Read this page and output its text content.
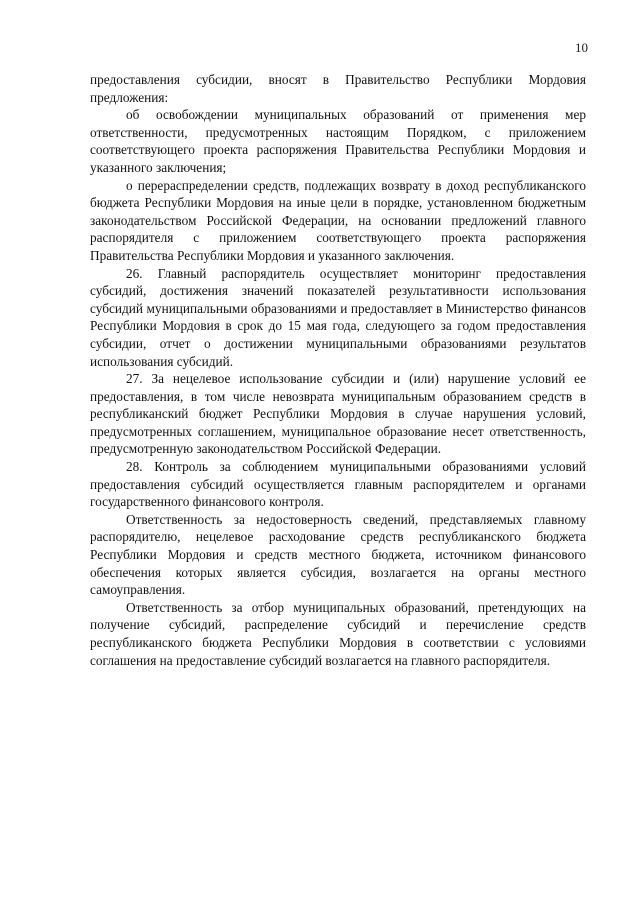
10

предоставления субсидии, вносят в Правительство Республики Мордовия предложения:

об освобождении муниципальных образований от применения мер ответственности, предусмотренных настоящим Порядком, с приложением соответствующего проекта распоряжения Правительства Республики Мордовия и указанного заключения;

о перераспределении средств, подлежащих возврату в доход республиканского бюджета Республики Мордовия на иные цели в порядке, установленном бюджетным законодательством Российской Федерации, на основании предложений главного распорядителя с приложением соответствующего проекта распоряжения Правительства Республики Мордовия и указанного заключения.

26. Главный распорядитель осуществляет мониторинг предоставления субсидий, достижения значений показателей результативности использования субсидий муниципальными образованиями и предоставляет в Министерство финансов Республики Мордовия в срок до 15 мая года, следующего за годом предоставления субсидии, отчет о достижении муниципальными образованиями результатов использования субсидий.

27. За нецелевое использование субсидии и (или) нарушение условий ее предоставления, в том числе невозврата муниципальным образованием средств в республиканский бюджет Республики Мордовия в случае нарушения условий, предусмотренных соглашением, муниципальное образование несет ответственность, предусмотренную законодательством Российской Федерации.

28. Контроль за соблюдением муниципальными образованиями условий предоставления субсидий осуществляется главным распорядителем и органами государственного финансового контроля.

Ответственность за недостоверность сведений, представляемых главному распорядителю, нецелевое расходование средств республиканского бюджета Республики Мордовия и средств местного бюджета, источником финансового обеспечения которых является субсидия, возлагается на органы местного самоуправления.

Ответственность за отбор муниципальных образований, претендующих на получение субсидий, распределение субсидий и перечисление средств республиканского бюджета Республики Мордовия в соответствии с условиями соглашения на предоставление субсидий возлагается на главного распорядителя.
